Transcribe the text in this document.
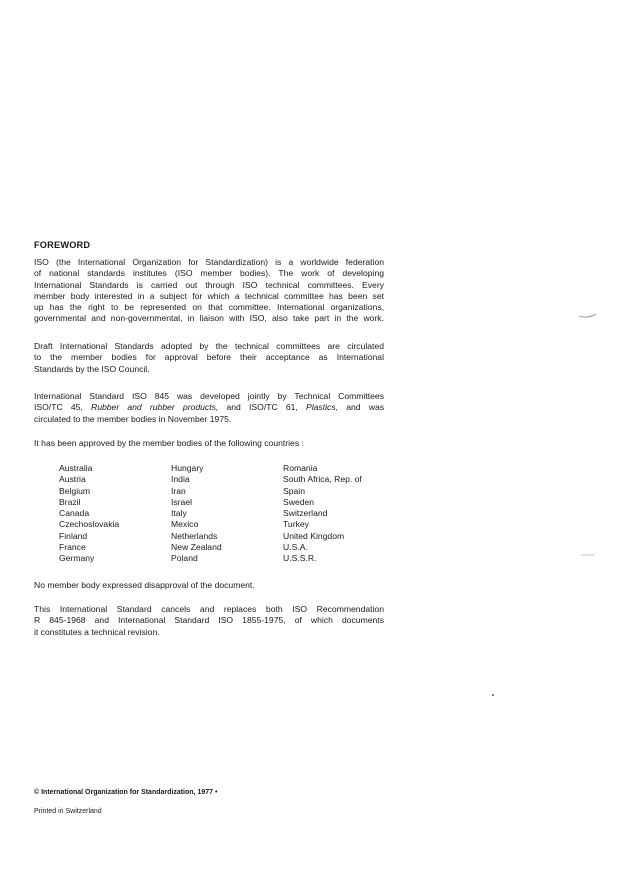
FOREWORD
ISO (the International Organization for Standardization) is a worldwide federation
of national standards institutes (ISO member bodies). The work of developing
International Standards is carried out through ISO technical committees. Every
member body interested in a subject for which a technical committee has been set
up has the right to be represented on that committee. International organizations,
governmental and non-governmental, in liaison with ISO, also take part in the work.
Draft International Standards adopted by the technical committees are circulated
to the member bodies for approval before their acceptance as International
Standards by the ISO Council.
International Standard ISO 845 was developed jointly by Technical Committees
ISO/TC 45, Rubber and rubber products, and ISO/TC 61, Plastics, and was
circulated to the member bodies in November 1975.
It has been approved by the member bodies of the following countries :
Australia
Austria
Belgium
Brazil
Canada
Czechoslovakia
Finland
France
Germany
Hungary
India
Iran
Israel
Italy
Mexico
Netherlands
New Zealand
Poland
Romania
South Africa, Rep. of
Spain
Sweden
Switzerland
Turkey
United Kingdom
U.S.A.
U.S.S.R.
No member body expressed disapproval of the document.
This International Standard cancels and replaces both ISO Recommendation
R 845-1968 and International Standard ISO 1855-1975, of which documents
it constitutes a technical revision.
© International Organization for Standardization, 1977 •
Printed in Switzerland
